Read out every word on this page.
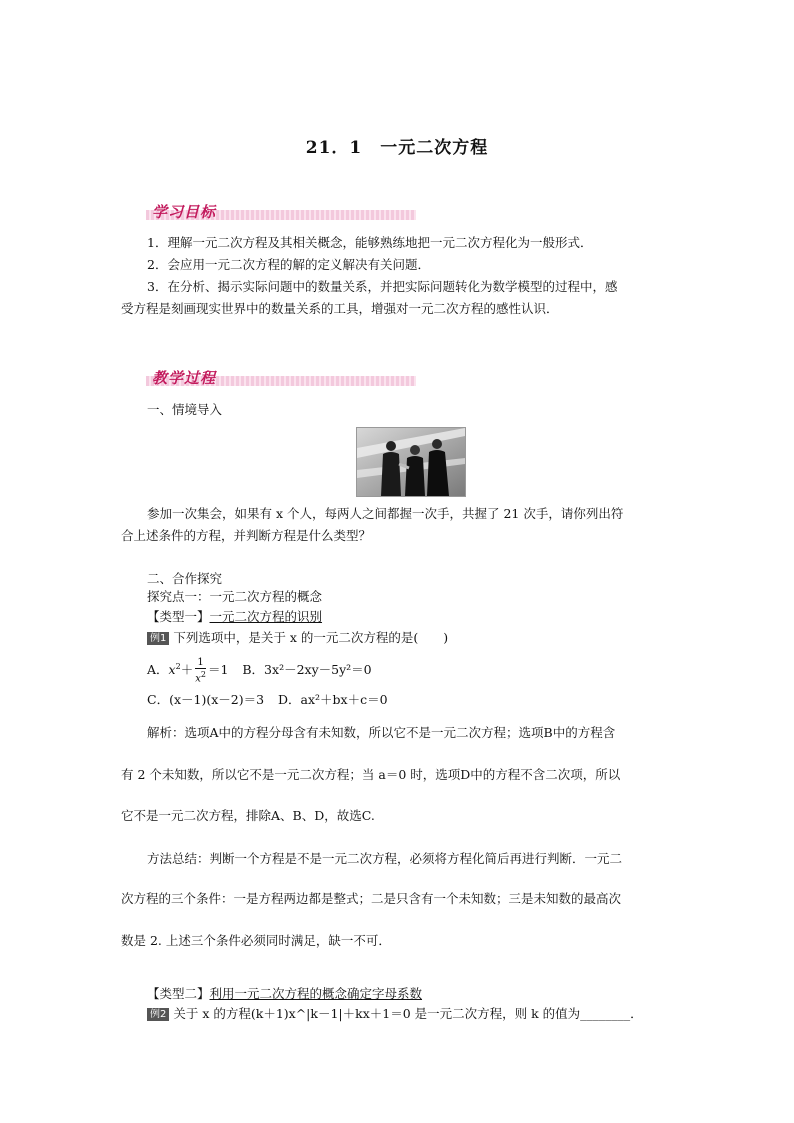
21．1　一元二次方程
学习目标
1．理解一元二次方程及其相关概念，能够熟练地把一元二次方程化为一般形式．
2．会应用一元二次方程的解的定义解决有关问题．
3．在分析、揭示实际问题中的数量关系，并把实际问题转化为数学模型的过程中，感
受方程是刻画现实世界中的数量关系的工具，增强对一元二次方程的感性认识．
教学过程
一、情境导入
参加一次集会，如果有 x 个人，每两人之间都握一次手，共握了 21 次手，请你列出符
合上述条件的方程，并判断方程是什么类型？
二、合作探究
探究点一：一元二次方程的概念
【类型一】一元二次方程的识别
例1 下列选项中，是关于 x 的一元二次方程的是(　　)
A．$x^2+ \frac{1}{x^2} =1$ B．3x²－2xy－5y²＝0
C．(x－1)(x－2)＝3 D．ax²＋bx＋c＝0
解析：选项A中的方程分母含有未知数，所以它不是一元二次方程；选项B中的方程含
有 2 个未知数，所以它不是一元二次方程；当 a＝0 时，选项D中的方程不含二次项，所以
它不是一元二次方程，排除A、B、D，故选C.
方法总结：判断一个方程是不是一元二次方程，必须将方程化简后再进行判断．一元二
次方程的三个条件：一是方程两边都是整式；二是只含有一个未知数；三是未知数的最高次
数是 2. 上述三个条件必须同时满足，缺一不可．
【类型二】利用一元二次方程的概念确定字母系数
例2 关于 x 的方程(k＋1)x^|k－1|＋kx＋1＝0 是一元二次方程，则 k 的值为________．
